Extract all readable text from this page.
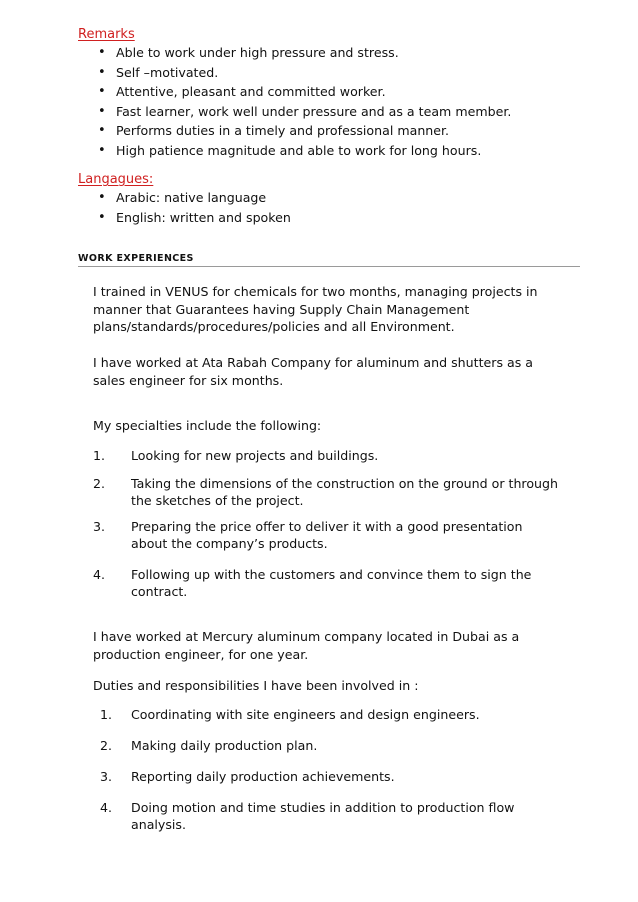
Remarks
• Able to work under high pressure and stress.
• Self –motivated.
• Attentive, pleasant and committed worker.
• Fast learner, work well under pressure and as a team member.
• Performs duties in a timely and professional manner.
• High patience magnitude and able to work for long hours.
Langagues:
• Arabic: native language
• English: written and spoken
WORK EXPERIENCES
I trained in VENUS for chemicals for two months, managing projects in manner that Guarantees having Supply Chain Management plans/standards/procedures/policies and all Environment.
I have worked at Ata Rabah Company for aluminum and shutters as a sales engineer for six months.
My specialties include the following:
1. Looking for new projects and buildings.
2. Taking the dimensions of the construction on the ground or through the sketches of the project.
3. Preparing the price offer to deliver it with a good presentation about the company’s products.
4. Following up with the customers and convince them to sign the contract.
I have worked at Mercury aluminum company located in Dubai as a production engineer, for one year.
Duties and responsibilities I have been involved in :
1. Coordinating with site engineers and design engineers.
2. Making daily production plan.
3. Reporting daily production achievements.
4. Doing motion and time studies in addition to production flow analysis.
